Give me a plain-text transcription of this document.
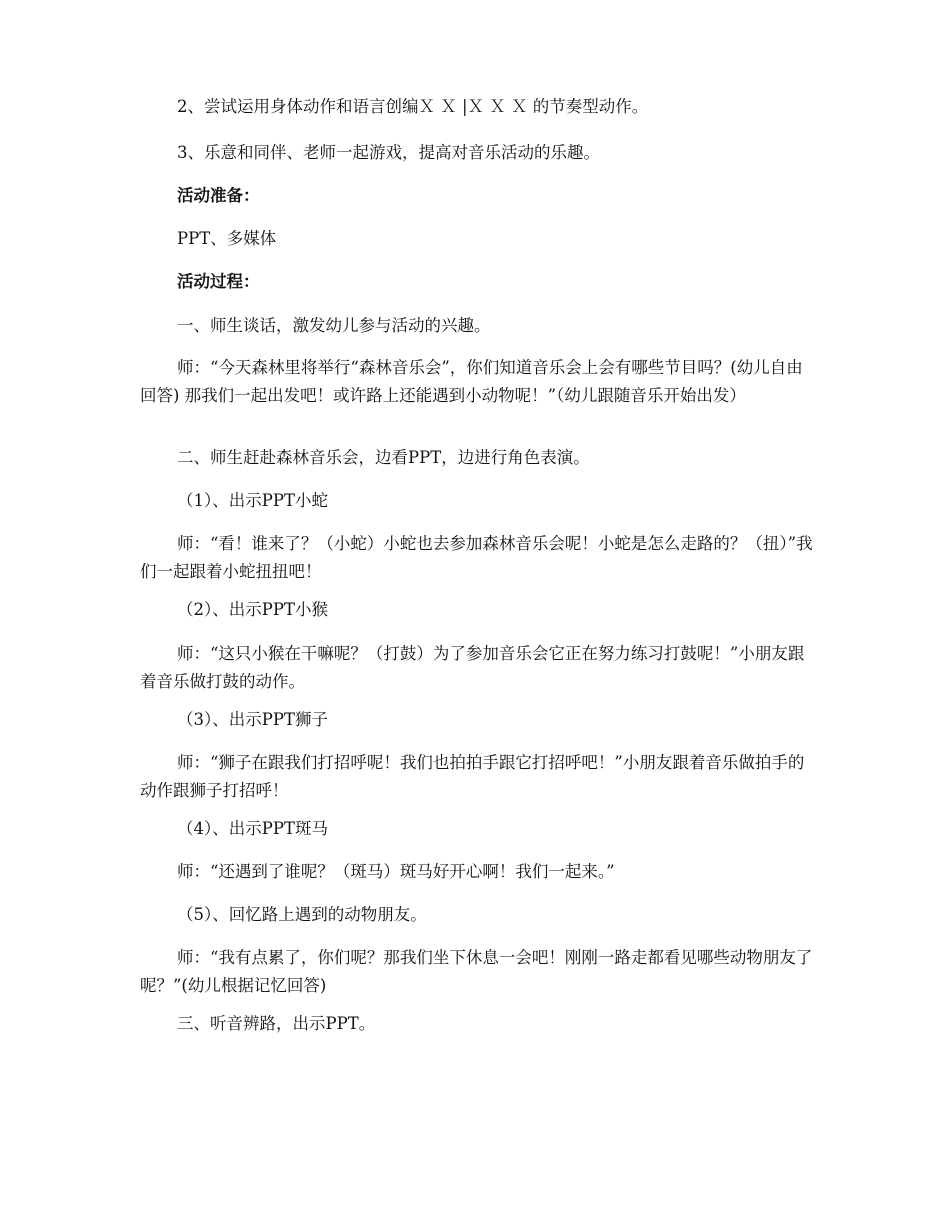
2、尝试运用身体动作和语言创编Ｘ Ｘ |Ｘ Ｘ Ｘ 的节奏型动作。

3、乐意和同伴、老师一起游戏，提高对音乐活动的乐趣。

活动准备：

PPT、多媒体

活动过程：

一、师生谈话，激发幼儿参与活动的兴趣。

师：“今天森林里将举行“森林音乐会”，你们知道音乐会上会有哪些节目吗？(幼儿自由回答) 那我们一起出发吧！或许路上还能遇到小动物呢！”（幼儿跟随音乐开始出发）

二、师生赶赴森林音乐会，边看PPT，边进行角色表演。

（1）、出示PPT小蛇

师：“看！谁来了？（小蛇）小蛇也去参加森林音乐会呢！小蛇是怎么走路的？（扭）”我们一起跟着小蛇扭扭吧！

（2）、出示PPT小猴

师：“这只小猴在干嘛呢？（打鼓）为了参加音乐会它正在努力练习打鼓呢！”小朋友跟着音乐做打鼓的动作。

（3）、出示PPT狮子

师：“狮子在跟我们打招呼呢！我们也拍拍手跟它打招呼吧！”小朋友跟着音乐做拍手的动作跟狮子打招呼！

（4）、出示PPT斑马

师：“还遇到了谁呢？（斑马）斑马好开心啊！我们一起来。”

（5）、回忆路上遇到的动物朋友。

师：“我有点累了，你们呢？那我们坐下休息一会吧！刚刚一路走都看见哪些动物朋友了呢？”(幼儿根据记忆回答)

三、听音辨路，出示PPT。
